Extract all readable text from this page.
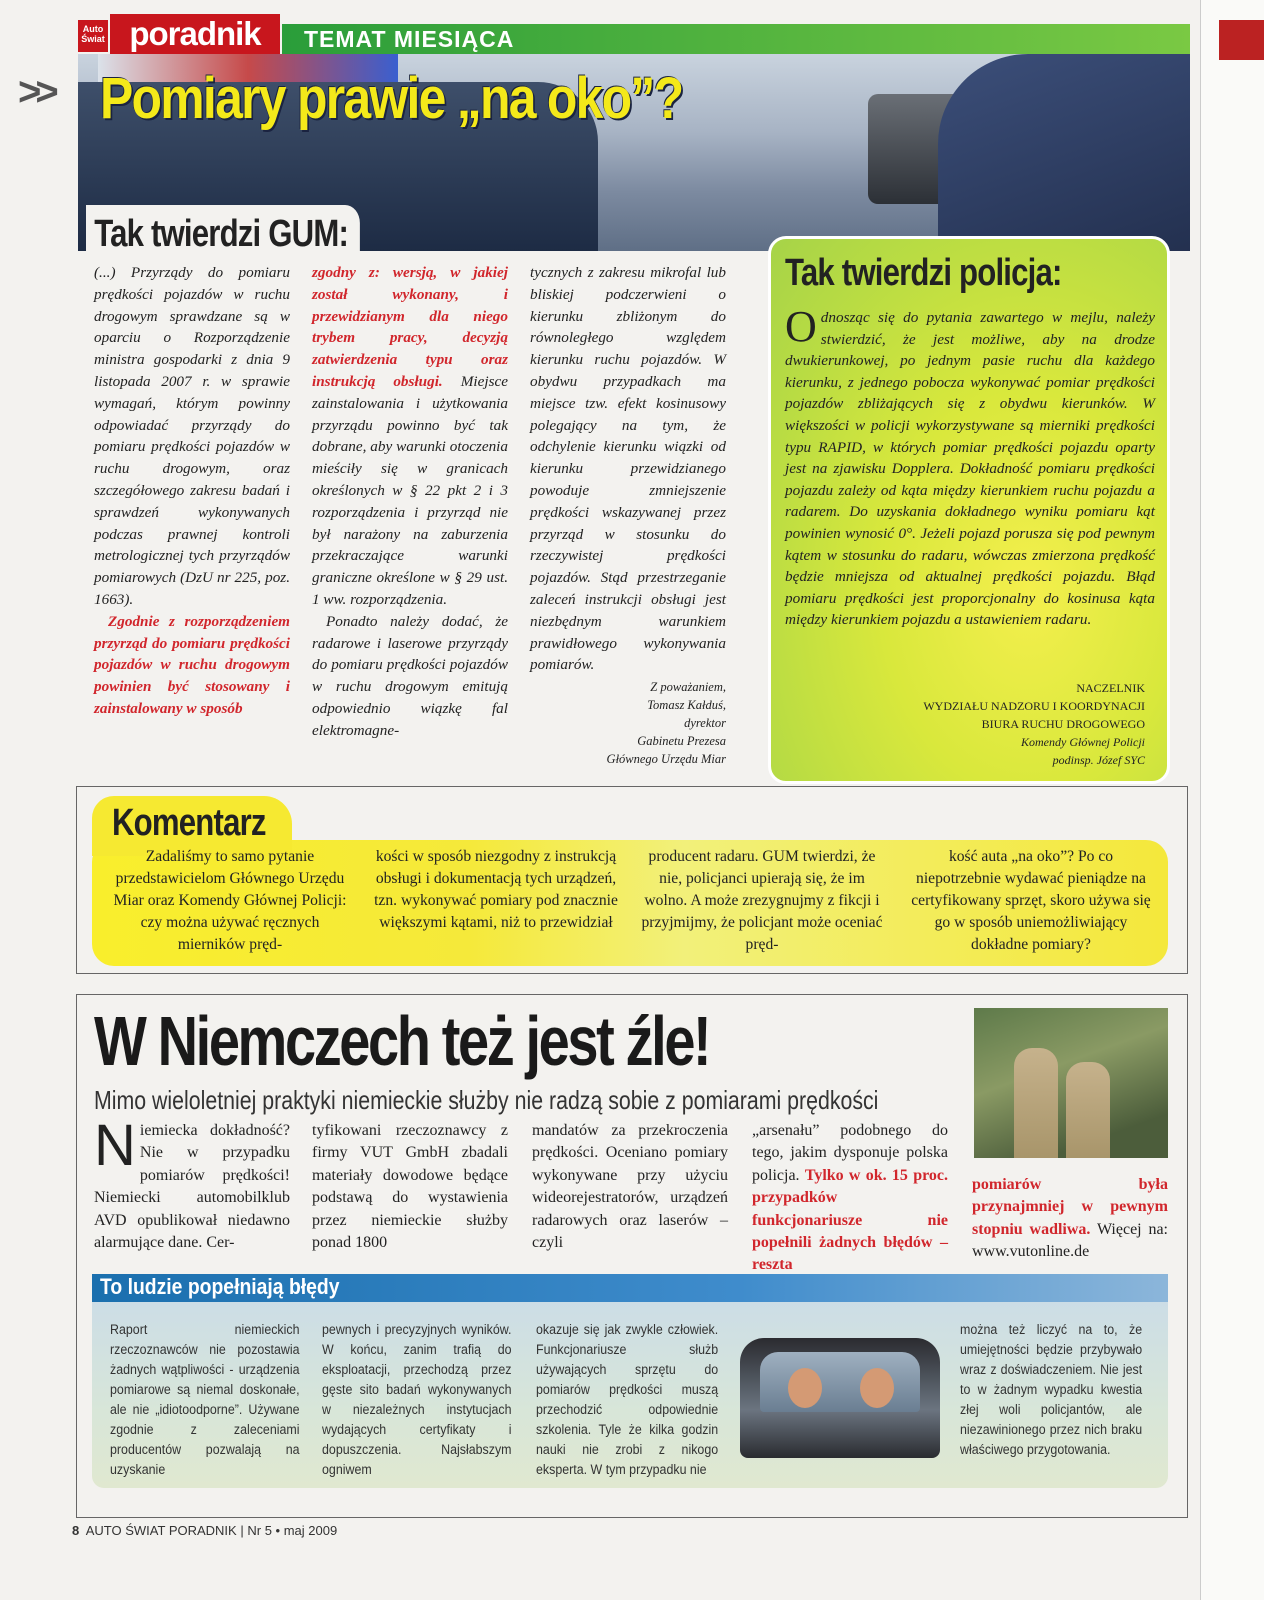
Auto Świat poradnik	TEMAT MIESIĄCA
>> Pomiary prawie „na oko”?
Tak twierdzi GUM:
(...) Przyrządy do pomiaru prędkości pojazdów w ruchu drogowym sprawdzane są w oparciu o Rozporządzenie ministra gospodarki z dnia 9 listopada 2007 r. w sprawie wymagań, którym powinny odpowiadać przyrządy do pomiaru prędkości pojazdów w ruchu drogowym, oraz szczegółowego zakresu badań i sprawdzeń wykonywanych podczas prawnej kontroli metrologicznej tych przyrządów pomiarowych (DzU nr 225, poz. 1663).
Zgodnie z rozporządzeniem przyrząd do pomiaru prędkości pojazdów w ruchu drogowym powinien być stosowany i zainstalowany w sposób
zgodny z: wersją, w jakiej został wykonany, i przewidzianym dla niego trybem pracy, decyzją zatwierdzenia typu oraz instrukcją obsługi. Miejsce zainstalowania i użytkowania przyrządu powinno być tak dobrane, aby warunki otoczenia mieściły się w granicach określonych w § 22 pkt 2 i 3 rozporządzenia i przyrząd nie był narażony na zaburzenia przekraczające warunki graniczne określone w § 29 ust. 1 ww. rozporządzenia.
Ponadto należy dodać, że radarowe i laserowe przyrządy do pomiaru prędkości pojazdów w ruchu drogowym emitują odpowiednio wiązkę fal elektromagne-
tycznych z zakresu mikrofal lub bliskiej podczerwieni o kierunku zbliżonym do równoległego względem kierunku ruchu pojazdów. W obydwu przypadkach ma miejsce tzw. efekt kosinusowy polegający na tym, że odchylenie kierunku wiązki od kierunku przewidzianego powoduje zmniejszenie prędkości wskazywanej przez przyrząd w stosunku do rzeczywistej prędkości pojazdów. Stąd przestrzeganie zaleceń instrukcji obsługi jest niezbędnym warunkiem prawidłowego wykonywania pomiarów.
Z poważaniem,
Tomasz Kałduś,
dyrektor
Gabinetu Prezesa
Głównego Urzędu Miar
Tak twierdzi policja:
Odnosząc się do pytania zawartego w mejlu, należy stwierdzić, że jest możliwe, aby na drodze dwukierunkowej, po jednym pasie ruchu dla każdego kierunku, z jednego pobocza wykonywać pomiar prędkości pojazdów zbliżających się z obydwu kierunków. W większości w policji wykorzystywane są mierniki prędkości typu RAPID, w których pomiar prędkości pojazdu oparty jest na zjawisku Dopplera. Dokładność pomiaru prędkości pojazdu zależy od kąta między kierunkiem ruchu pojazdu a radarem. Do uzyskania dokładnego wyniku pomiaru kąt powinien wynosić 0°. Jeżeli pojazd porusza się pod pewnym kątem w stosunku do radaru, wówczas zmierzona prędkość będzie mniejsza od aktualnej prędkości pojazdu. Błąd pomiaru prędkości jest proporcjonalny do kosinusa kąta między kierunkiem pojazdu a ustawieniem radaru.
NACZELNIK
WYDZIAŁU NADZORU I KOORDYNACJI
BIURA RUCHU DROGOWEGO
Komendy Głównej Policji
podinsp. Józef SYC
Komentarz
Zadaliśmy to samo pytanie przedstawicielom Głównego Urzędu Miar oraz Komendy Głównej Policji: czy można używać ręcznych mierników pręd-
kości w sposób niezgodny z instrukcją obsługi i dokumentacją tych urządzeń, tzn. wykonywać pomiary pod znacznie większymi kątami, niż to przewidział
producent radaru. GUM twierdzi, że nie, policjanci upierają się, że im wolno. A może zrezygnujmy z fikcji i przyjmijmy, że policjant może oceniać pręd-
kość auta „na oko”? Po co niepotrzebnie wydawać pieniądze na certyfikowany sprzęt, skoro używa się go w sposób uniemożliwiający dokładne pomiary?
W Niemczech też jest źle!
Mimo wieloletniej praktyki niemieckie służby nie radzą sobie z pomiarami prędkości
Niemiecka dokładność? Nie w przypadku pomiarów prędkości! Niemiecki automobilklub AVD opublikował niedawno alarmujące dane. Cer-
tyfikowani rzeczoznawcy z firmy VUT GmbH zbadali materiały dowodowe będące podstawą do wystawienia przez niemieckie służby ponad 1800
mandatów za przekroczenia prędkości. Oceniano pomiary wykonywane przy użyciu wideorejestratorów, urządzeń radarowych oraz laserów – czyli
„arsenału” podobnego do tego, jakim dysponuje polska policja. Tylko w ok. 15 proc. przypadków funkcjonariusze nie popełnili żadnych błędów – reszta
pomiarów była przynajmniej w pewnym stopniu wadliwa. Więcej na: www.vutonline.de
To ludzie popełniają błędy
Raport niemieckich rzeczoznawców nie pozostawia żadnych wątpliwości - urządzenia pomiarowe są niemal doskonałe, ale nie „idiotoodporne”. Używane zgodnie z zaleceniami producentów pozwalają na uzyskanie
pewnych i precyzyjnych wyników. W końcu, zanim trafią do eksploatacji, przechodzą przez gęste sito badań wykonywanych w niezależnych instytucjach wydających certyfikaty i dopuszczenia. Najsłabszym ogniwem
okazuje się jak zwykle człowiek. Funkcjonariusze służb używających sprzętu do pomiarów prędkości muszą przechodzić odpowiednie szkolenia. Tyle że kilka godzin nauki nie zrobi z nikogo eksperta. W tym przypadku nie
można też liczyć na to, że umiejętności będzie przybywało wraz z doświadczeniem. Nie jest to w żadnym wypadku kwestia złej woli policjantów, ale niezawinionego przez nich braku właściwego przygotowania.
8 AUTO ŚWIAT PORADNIK | Nr 5 • maj 2009
